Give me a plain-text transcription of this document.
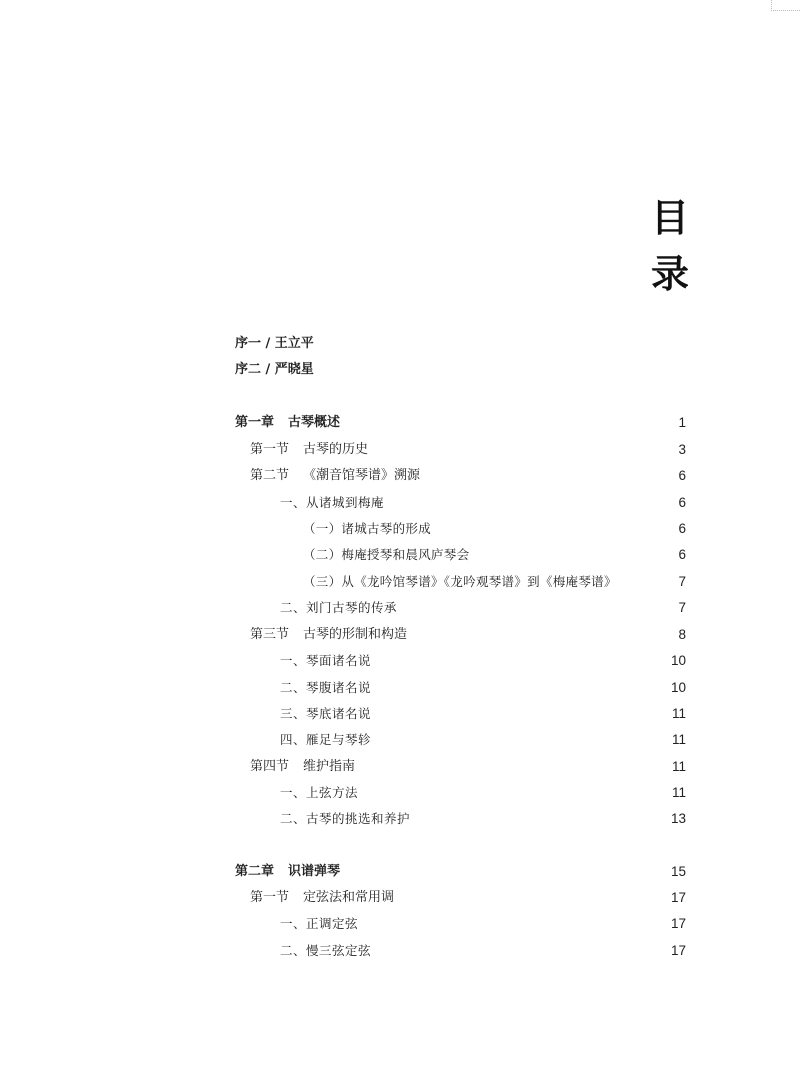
目
录
序一 / 王立平
序二 / 严晓星
第一章 古琴概述	1
第一节 古琴的历史	3
第二节 《潮音馆琴谱》溯源	6
一、从诸城到梅庵	6
（一）诸城古琴的形成	6
（二）梅庵授琴和晨风庐琴会	6
（三）从《龙吟馆琴谱》《龙吟观琴谱》到《梅庵琴谱》	7
二、刘门古琴的传承	7
第三节 古琴的形制和构造	8
一、琴面诸名说	10
二、琴腹诸名说	10
三、琴底诸名说	11
四、雁足与琴轸	11
第四节 维护指南	11
一、上弦方法	11
二、古琴的挑选和养护	13
第二章 识谱弹琴	15
第一节 定弦法和常用调	17
一、正调定弦	17
二、慢三弦定弦	17
